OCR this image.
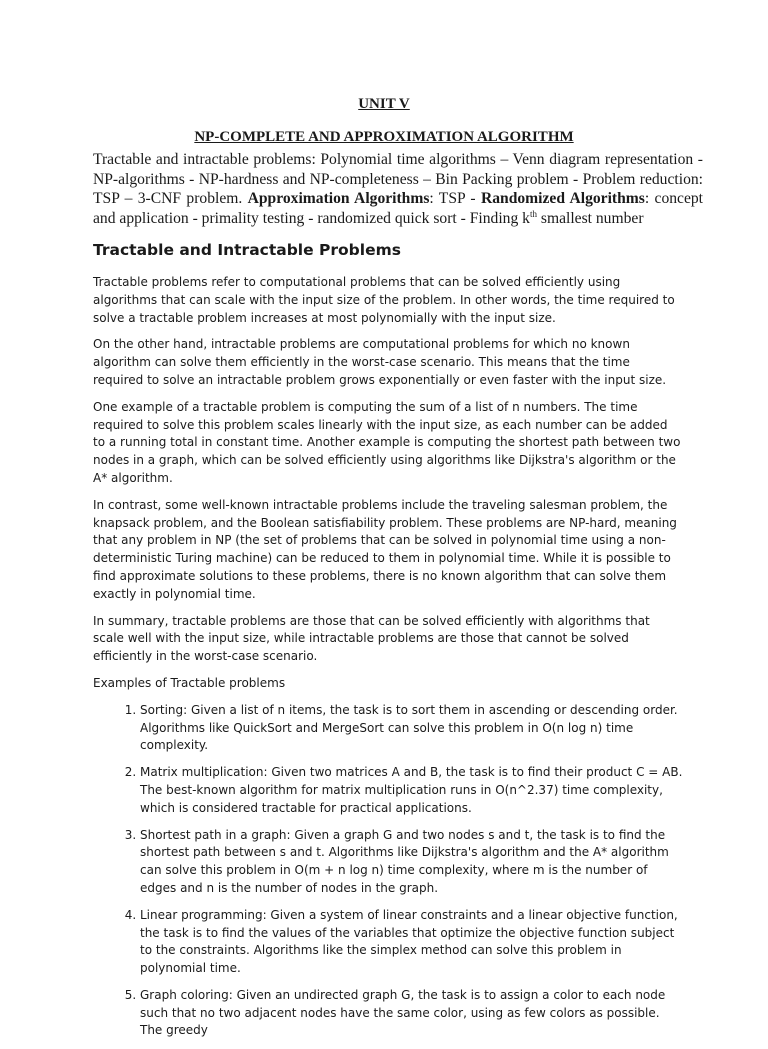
UNIT V
NP-COMPLETE AND APPROXIMATION ALGORITHM
Tractable and intractable problems: Polynomial time algorithms – Venn diagram representation - NP-algorithms - NP-hardness and NP-completeness – Bin Packing problem - Problem reduction: TSP – 3-CNF problem. Approximation Algorithms: TSP - Randomized Algorithms: concept and application - primality testing - randomized quick sort - Finding $k^{th}$ smallest number
Tractable and Intractable Problems

Tractable problems refer to computational problems that can be solved efficiently using algorithms that can scale with the input size of the problem. In other words, the time required to solve a tractable problem increases at most polynomially with the input size.

On the other hand, intractable problems are computational problems for which no known algorithm can solve them efficiently in the worst-case scenario. This means that the time required to solve an intractable problem grows exponentially or even faster with the input size.

One example of a tractable problem is computing the sum of a list of n numbers. The time required to solve this problem scales linearly with the input size, as each number can be added to a running total in constant time. Another example is computing the shortest path between two nodes in a graph, which can be solved efficiently using algorithms like Dijkstra's algorithm or the A* algorithm.

In contrast, some well-known intractable problems include the traveling salesman problem, the knapsack problem, and the Boolean satisfiability problem. These problems are NP-hard, meaning that any problem in NP (the set of problems that can be solved in polynomial time using a non-deterministic Turing machine) can be reduced to them in polynomial time. While it is possible to find approximate solutions to these problems, there is no known algorithm that can solve them exactly in polynomial time.

In summary, tractable problems are those that can be solved efficiently with algorithms that scale well with the input size, while intractable problems are those that cannot be solved efficiently in the worst-case scenario.

Examples of Tractable problems

1. Sorting: Given a list of n items, the task is to sort them in ascending or descending order. Algorithms like QuickSort and MergeSort can solve this problem in O(n log n) time complexity.
2. Matrix multiplication: Given two matrices A and B, the task is to find their product C = AB. The best-known algorithm for matrix multiplication runs in O(n^2.37) time complexity, which is considered tractable for practical applications.
3. Shortest path in a graph: Given a graph G and two nodes s and t, the task is to find the shortest path between s and t. Algorithms like Dijkstra's algorithm and the A* algorithm can solve this problem in O(m + n log n) time complexity, where m is the number of edges and n is the number of nodes in the graph.
4. Linear programming: Given a system of linear constraints and a linear objective function, the task is to find the values of the variables that optimize the objective function subject to the constraints. Algorithms like the simplex method can solve this problem in polynomial time.
5. Graph coloring: Given an undirected graph G, the task is to assign a color to each node such that no two adjacent nodes have the same color, using as few colors as possible. The greedy
